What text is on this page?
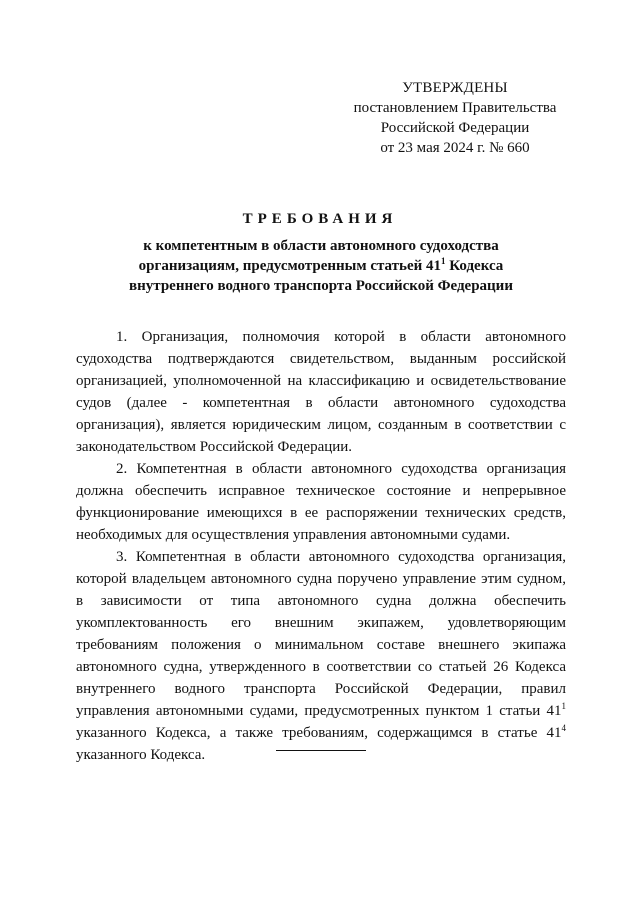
УТВЕРЖДЕНЫ
постановлением Правительства
Российской Федерации
от 23 мая 2024 г. № 660
ТРЕБОВАНИЯ
к компетентным в области автономного судоходства
организациям, предусмотренным статьей $41^1$ Кодекса
внутреннего водного транспорта Российской Федерации

1. Организация, полномочия которой в области автономного судоходства подтверждаются свидетельством, выданным российской организацией, уполномоченной на классификацию и освидетельствование судов (далее - компетентная в области автономного судоходства организация), является юридическим лицом, созданным в соответствии с законодательством Российской Федерации.

2. Компетентная в области автономного судоходства организация должна обеспечить исправное техническое состояние и непрерывное функционирование имеющихся в ее распоряжении технических средств, необходимых для осуществления управления автономными судами.

3. Компетентная в области автономного судоходства организация, которой владельцем автономного судна поручено управление этим судном, в зависимости от типа автономного судна должна обеспечить укомплектованность его внешним экипажем, удовлетворяющим требованиям положения о минимальном составе внешнего экипажа автономного судна, утвержденного в соответствии со статьей 26 Кодекса внутреннего водного транспорта Российской Федерации, правил управления автономными судами, предусмотренных пунктом 1 статьи $41^1$ указанного Кодекса, а также требованиям, содержащимся в статье $41^4$ указанного Кодекса.
